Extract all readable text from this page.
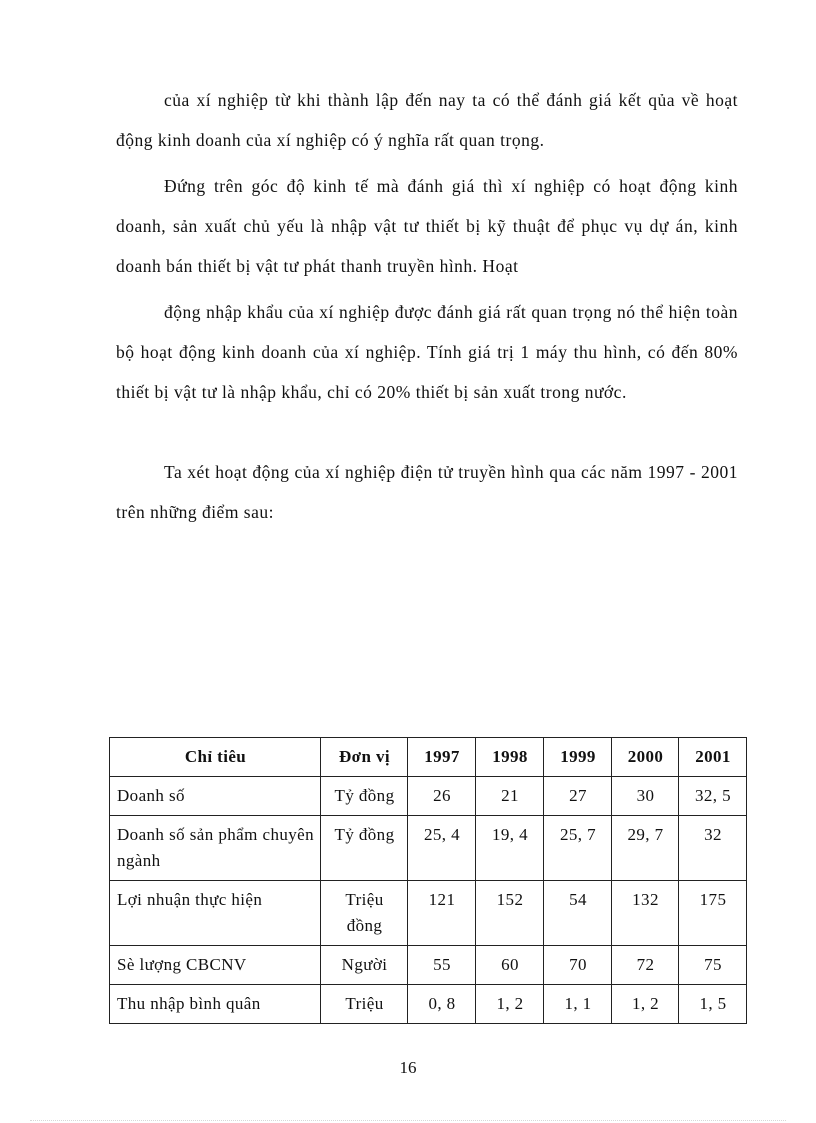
của xí nghiệp từ khi thành lập đến nay ta có thể đánh giá kết qủa về hoạt động kinh doanh của xí nghiệp có ý nghĩa rất quan trọng.

Đứng trên góc độ kinh tế mà đánh giá thì xí nghiệp có hoạt động kinh doanh, sản xuất chủ yếu là nhập vật tư thiết bị kỹ thuật để phục vụ dự án, kinh doanh bán thiết bị vật tư phát thanh truyền hình. Hoạt

động nhập khẩu của xí nghiệp được đánh giá rất quan trọng nó thể hiện toàn bộ hoạt động kinh doanh của xí nghiệp. Tính giá trị 1 máy thu hình, có đến 80% thiết bị vật tư là nhập khẩu, chỉ có 20% thiết bị sản xuất trong nước.

Ta xét hoạt động của xí nghiệp điện tử truyền hình qua các năm 1997 - 2001 trên những điểm sau:

Chỉ tiêu	Đơn vị	1997	1998	1999	2000	2001
Doanh số	Tỷ đồng	26	21	27	30	32, 5
Doanh số sản phẩm chuyên ngành	Tỷ đồng	25, 4	19, 4	25, 7	29, 7	32
Lợi nhuận thực hiện	Triệu đồng	121	152	54	132	175
Sè lượng CBCNV	Người	55	60	70	72	75
Thu nhập bình quân	Triệu	0, 8	1, 2	1, 1	1, 2	1, 5
16
